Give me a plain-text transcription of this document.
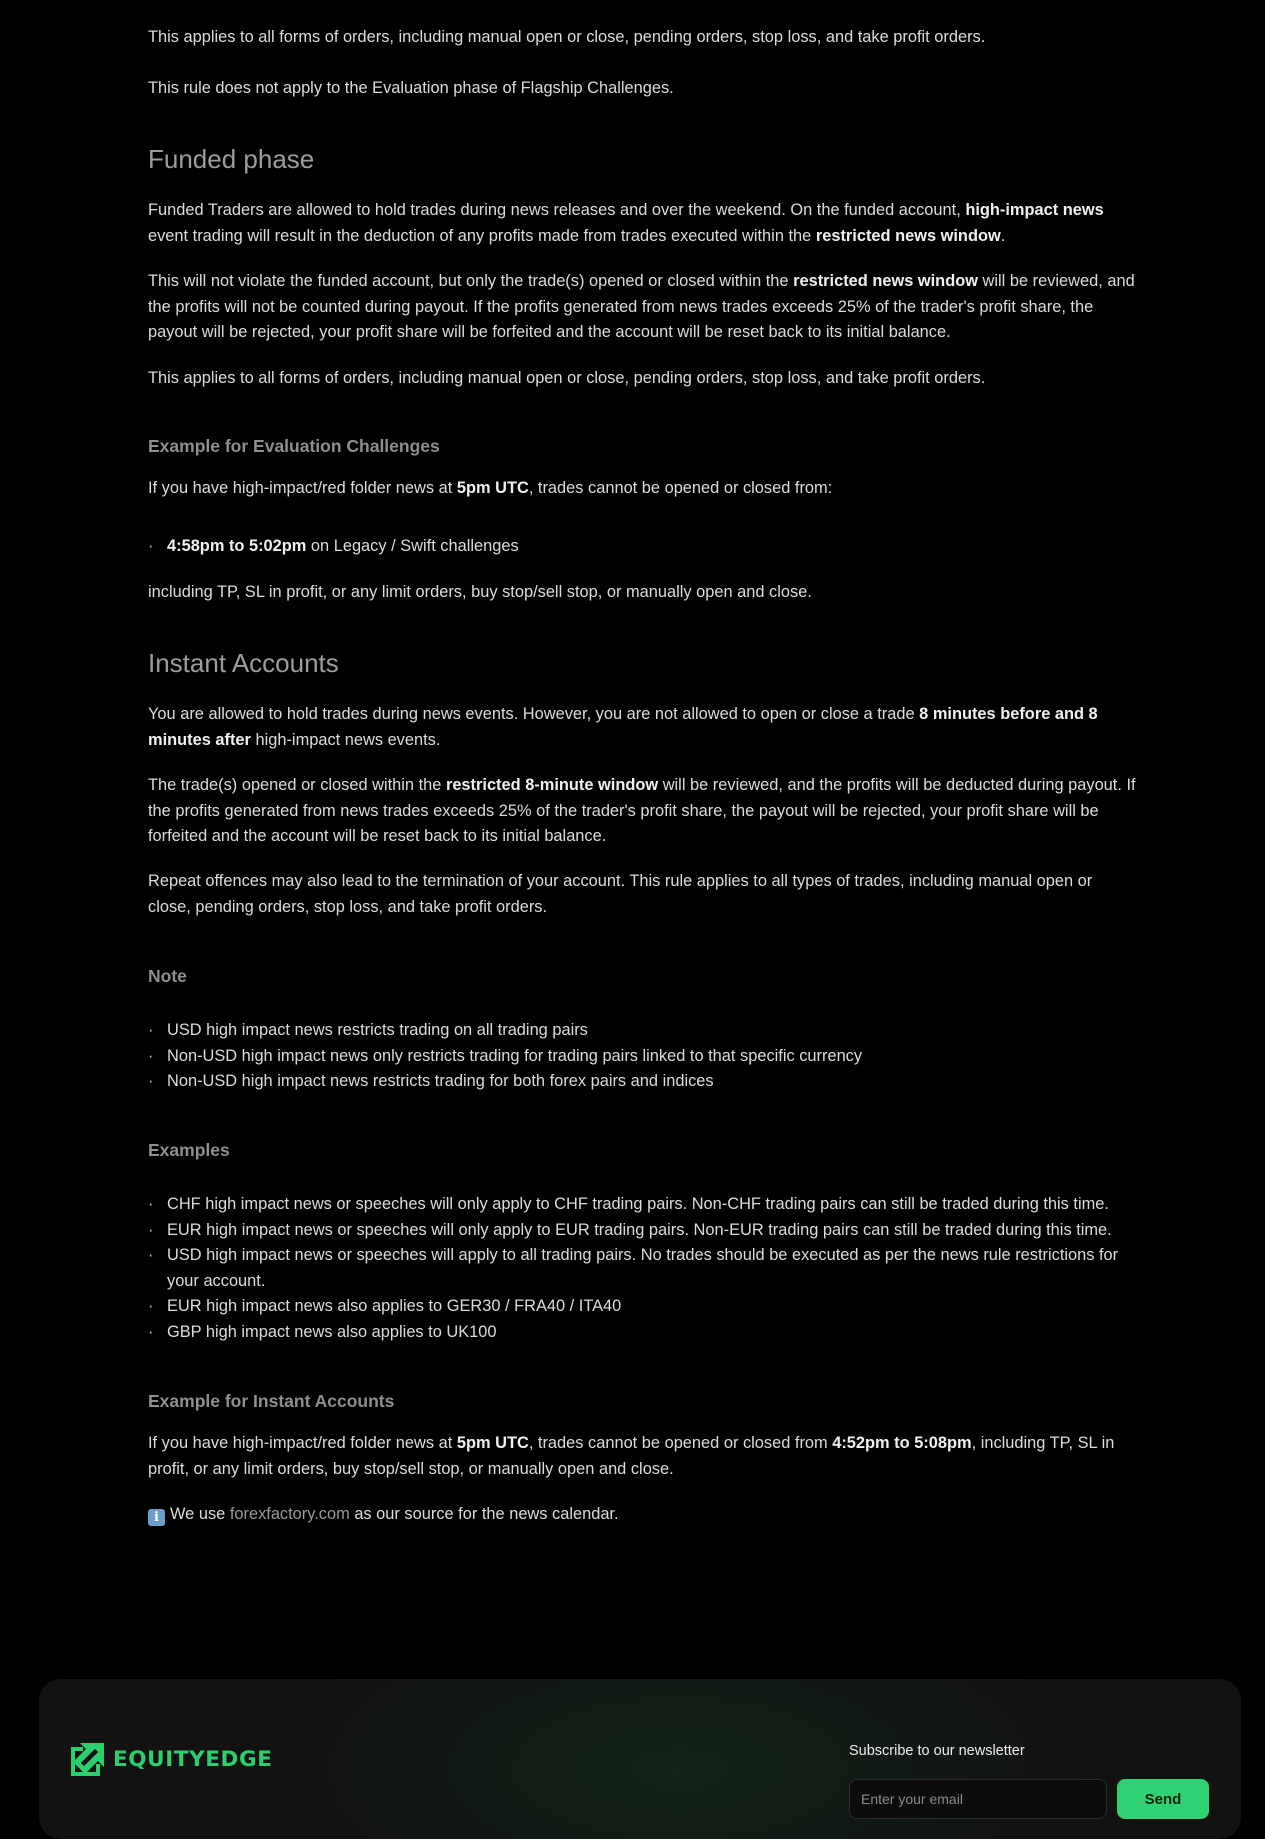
This applies to all forms of orders, including manual open or close, pending orders, stop loss, and take profit orders.

This rule does not apply to the Evaluation phase of Flagship Challenges.

Funded phase

Funded Traders are allowed to hold trades during news releases and over the weekend. On the funded account, high-impact news event trading will result in the deduction of any profits made from trades executed within the restricted news window.

This will not violate the funded account, but only the trade(s) opened or closed within the restricted news window will be reviewed, and the profits will not be counted during payout. If the profits generated from news trades exceeds 25% of the trader's profit share, the payout will be rejected, your profit share will be forfeited and the account will be reset back to its initial balance.

This applies to all forms of orders, including manual open or close, pending orders, stop loss, and take profit orders.

Example for Evaluation Challenges

If you have high-impact/red folder news at 5pm UTC, trades cannot be opened or closed from:

· 4:58pm to 5:02pm on Legacy / Swift challenges

including TP, SL in profit, or any limit orders, buy stop/sell stop, or manually open and close.

Instant Accounts

You are allowed to hold trades during news events. However, you are not allowed to open or close a trade 8 minutes before and 8 minutes after high-impact news events.

The trade(s) opened or closed within the restricted 8-minute window will be reviewed, and the profits will be deducted during payout. If the profits generated from news trades exceeds 25% of the trader's profit share, the payout will be rejected, your profit share will be forfeited and the account will be reset back to its initial balance.

Repeat offences may also lead to the termination of your account. This rule applies to all types of trades, including manual open or close, pending orders, stop loss, and take profit orders.

Note
· USD high impact news restricts trading on all trading pairs
· Non-USD high impact news only restricts trading for trading pairs linked to that specific currency
· Non-USD high impact news restricts trading for both forex pairs and indices
Examples
· CHF high impact news or speeches will only apply to CHF trading pairs. Non-CHF trading pairs can still be traded during this time.
· EUR high impact news or speeches will only apply to EUR trading pairs. Non-EUR trading pairs can still be traded during this time.
· USD high impact news or speeches will apply to all trading pairs. No trades should be executed as per the news rule restrictions for your account.
· EUR high impact news also applies to GER30 / FRA40 / ITA40
· GBP high impact news also applies to UK100
Example for Instant Accounts

If you have high-impact/red folder news at 5pm UTC, trades cannot be opened or closed from 4:52pm to 5:08pm, including TP, SL in profit, or any limit orders, buy stop/sell stop, or manually open and close.

i We use forexfactory.com as our source for the news calendar.

EQUITYEDGE	Subscribe to our newsletter
Enter your email
Send
